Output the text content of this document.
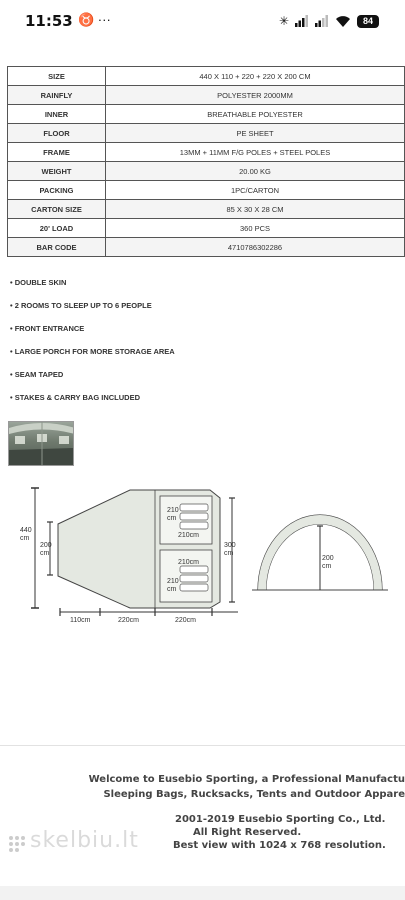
11:53 ♉ ···	✳	84
SIZE	440 X 110 + 220 + 220 X 200 CM
RAINFLY	POLYESTER 2000MM
INNER	BREATHABLE POLYESTER
FLOOR	PE SHEET
FRAME	13MM + 11MM F/G POLES + STEEL POLES
WEIGHT	20.00 KG
PACKING	1PC/CARTON
CARTON SIZE	85 X 30 X 28 CM
20' LOAD	360 PCS
BAR CODE	4710786302286
• DOUBLE SKIN
• 2 ROOMS TO SLEEP UP TO 6 PEOPLE
• FRONT ENTRANCE
• LARGE PORCH FOR MORE STORAGE AREA
• SEAM TAPED
• STAKES & CARRY BAG INCLUDED
440
cm
200
cm
210
cm
210cm
210cm
210
cm
300
cm
110cm	220cm	220cm
200
cm
Welcome to Eusebio Sporting, a Professional Manufactu
Sleeping Bags, Rucksacks, Tents and Outdoor Appare
2001-2019 Eusebio Sporting Co., Ltd.
All Right Reserved.
Best view with 1024 x 768 resolution.
skelbiu.lt
